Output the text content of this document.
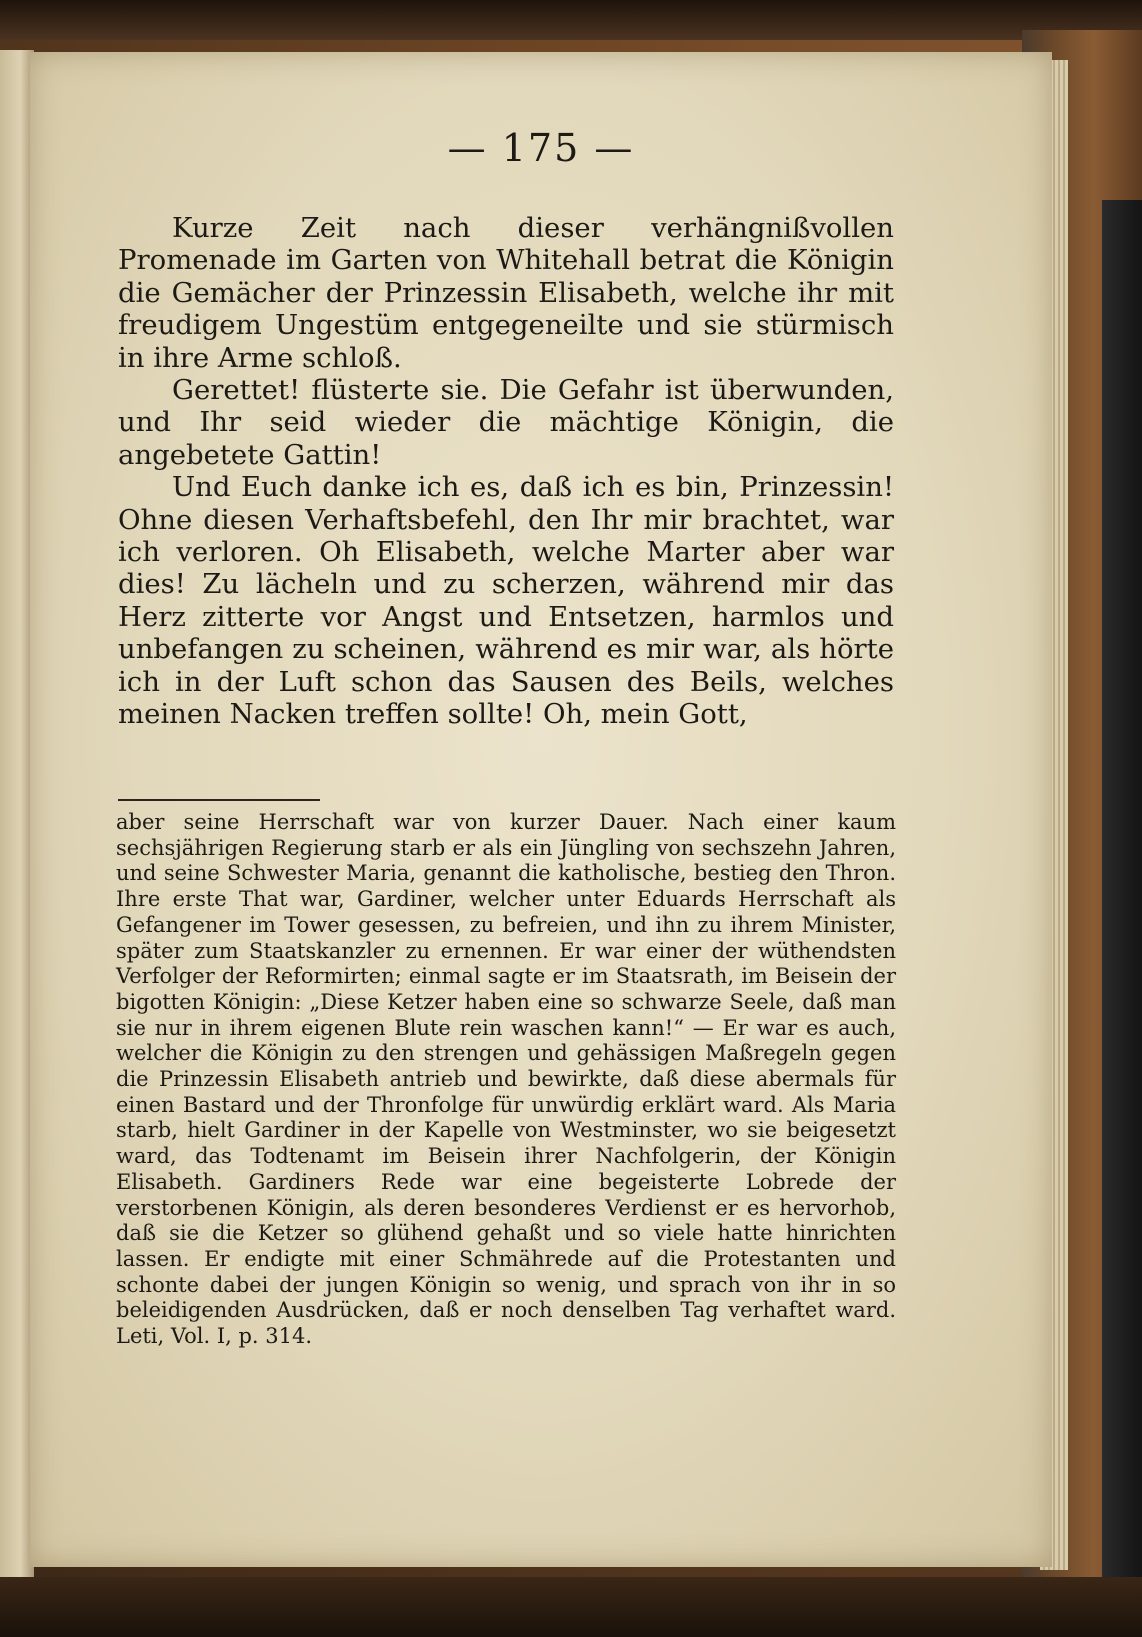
— 175 —

Kurze Zeit nach dieser verhängnißvollen Promenade im Garten von Whitehall betrat die Königin die Gemächer der Prinzessin Elisabeth, welche ihr mit freudigem Ungestüm entgegeneilte und sie stürmisch in ihre Arme schloß.

Gerettet! flüsterte sie. Die Gefahr ist überwunden, und Ihr seid wieder die mächtige Königin, die angebetete Gattin!

Und Euch danke ich es, daß ich es bin, Prinzessin! Ohne diesen Verhaftsbefehl, den Ihr mir brachtet, war ich verloren. Oh Elisabeth, welche Marter aber war dies! Zu lächeln und zu scherzen, während mir das Herz zitterte vor Angst und Entsetzen, harmlos und unbefangen zu scheinen, während es mir war, als hörte ich in der Luft schon das Sausen des Beils, welches meinen Nacken treffen sollte! Oh, mein Gott,

aber seine Herrschaft war von kurzer Dauer. Nach einer kaum sechsjährigen Regierung starb er als ein Jüngling von sechszehn Jahren, und seine Schwester Maria, genannt die katholische, bestieg den Thron. Ihre erste That war, Gardiner, welcher unter Eduards Herrschaft als Gefangener im Tower gesessen, zu befreien, und ihn zu ihrem Minister, später zum Staatskanzler zu ernennen. Er war einer der wüthendsten Verfolger der Reformirten; einmal sagte er im Staatsrath, im Beisein der bigotten Königin: „Diese Ketzer haben eine so schwarze Seele, daß man sie nur in ihrem eigenen Blute rein waschen kann!“ — Er war es auch, welcher die Königin zu den strengen und gehässigen Maßregeln gegen die Prinzessin Elisabeth antrieb und bewirkte, daß diese abermals für einen Bastard und der Thronfolge für unwürdig erklärt ward. Als Maria starb, hielt Gardiner in der Kapelle von Westminster, wo sie beigesetzt ward, das Todtenamt im Beisein ihrer Nachfolgerin, der Königin Elisabeth. Gardiners Rede war eine begeisterte Lobrede der verstorbenen Königin, als deren besonderes Verdienst er es hervorhob, daß sie die Ketzer so glühend gehaßt und so viele hatte hinrichten lassen. Er endigte mit einer Schmährede auf die Protestanten und schonte dabei der jungen Königin so wenig, und sprach von ihr in so beleidigenden Ausdrücken, daß er noch denselben Tag verhaftet ward. Leti, Vol. I, p. 314.
